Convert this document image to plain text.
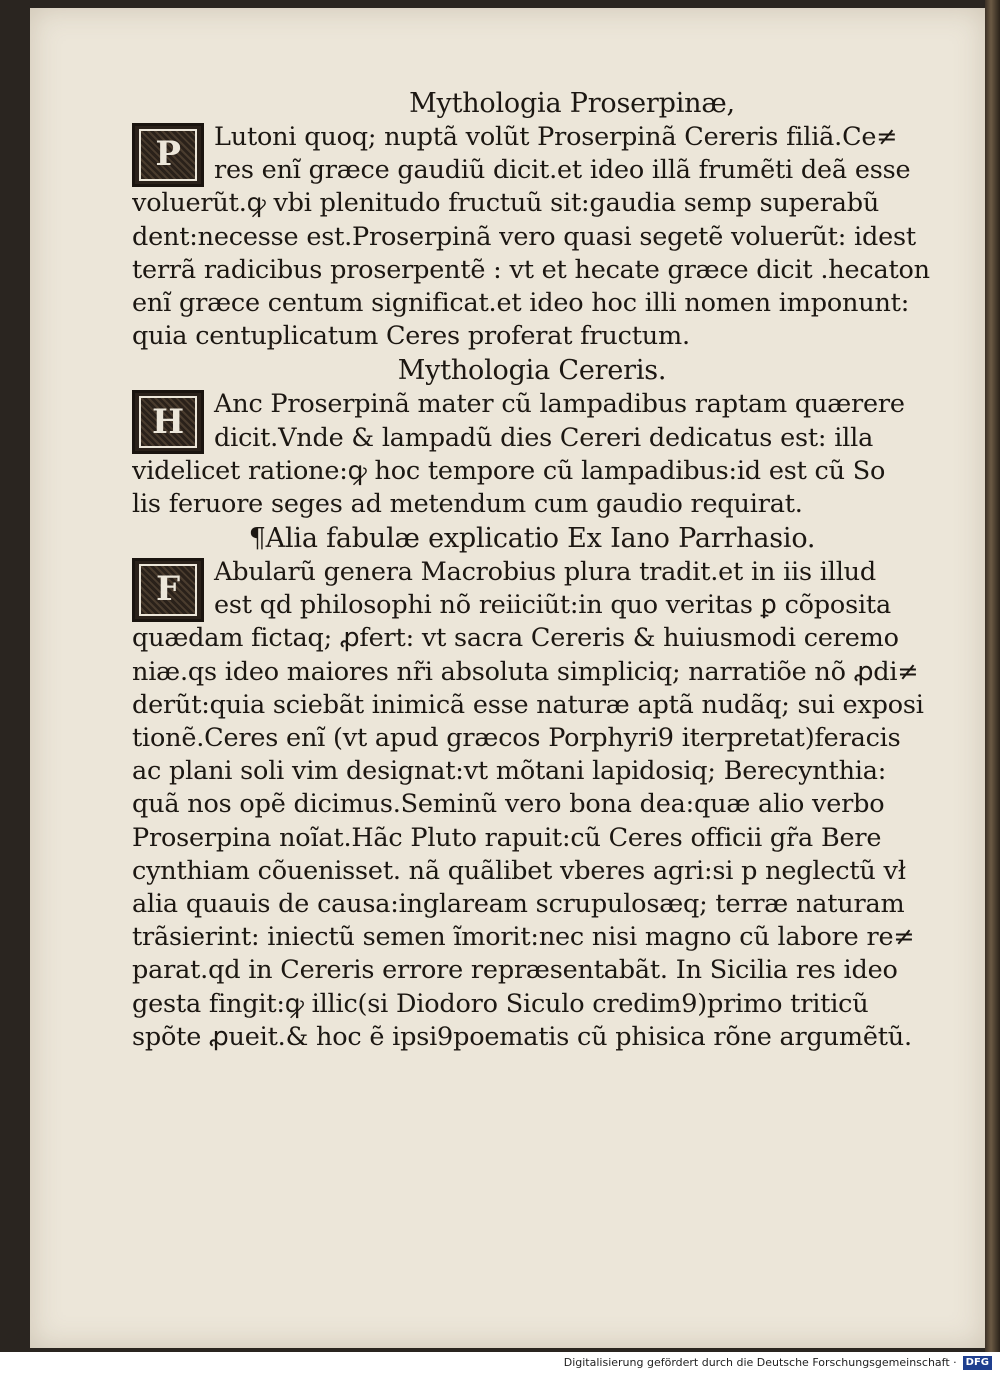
Mythologia Proserpinæ,
P	Lutoni quoq; nuptã volũt Proserpinã Cereris filiã.Ce≠
res enĩ græce gaudiũ dicit.et ideo illã frumẽti deã esse
voluerũt.ꝙ vbi plenitudo fructuũ sit:gaudia semp superabũ
dent:necesse est.Proserpinã vero quasi segetẽ voluerũt: idest
terrã radicibus proserpentẽ : vt et hecate græce dicit .hecaton
enĩ græce centum significat.et ideo hoc illi nomen imponunt:
quia centuplicatum Ceres proferat fructum.
Mythologia Cereris.
H	Anc Proserpinã mater cũ lampadibus raptam quærere
dicit.Vnde & lampadũ dies Cereri dedicatus est: illa
videlicet ratione:ꝙ hoc tempore cũ lampadibus:id est cũ So
lis feruore seges ad metendum cum gaudio requirat.
¶Alia fabulæ explicatio Ex Iano Parrhasio.
F	Abularũ genera Macrobius plura tradit.et in iis illud
est qd philosophi nõ reiiciũt:in quo veritas ꝑ cõposita
quædam fictaq; ꝓfert: vt sacra Cereris & huiusmodi ceremo
niæ.qs ideo maiores nr̃i absoluta simpliciq; narratiõe nõ ꝓdi≠
derũt:quia sciebãt inimicã esse naturæ aptã nudãq; sui exposi
tionẽ.Ceres enĩ (vt apud græcos Porphyri9 iterpretat)feracis
ac plani soli vim designat:vt mõtani lapidosiq; Berecynthia:
quã nos opẽ dicimus.Seminũ vero bona dea:quæ alio verbo
Proserpina noĩat.Hãc Pluto rapuit:cũ Ceres officii gr̃a Bere
cynthiam cõuenisset. nã quãlibet vberes agri:si p neglectũ vł
alia quauis de causa:inglaream scrupulosæq; terræ naturam
trãsierint: iniectũ semen ĩmorit:nec nisi magno cũ labore re≠
parat.qd in Cereris errore repræsentabãt. In Sicilia res ideo
gesta fingit:ꝙ illic(si Diodoro Siculo credim9)primo triticũ
spõte ꝓueit.& hoc ẽ ipsi9poematis cũ phisica rõne argumẽtũ.
Digitalisierung gefördert durch die Deutsche Forschungsgemeinschaft · DFG
